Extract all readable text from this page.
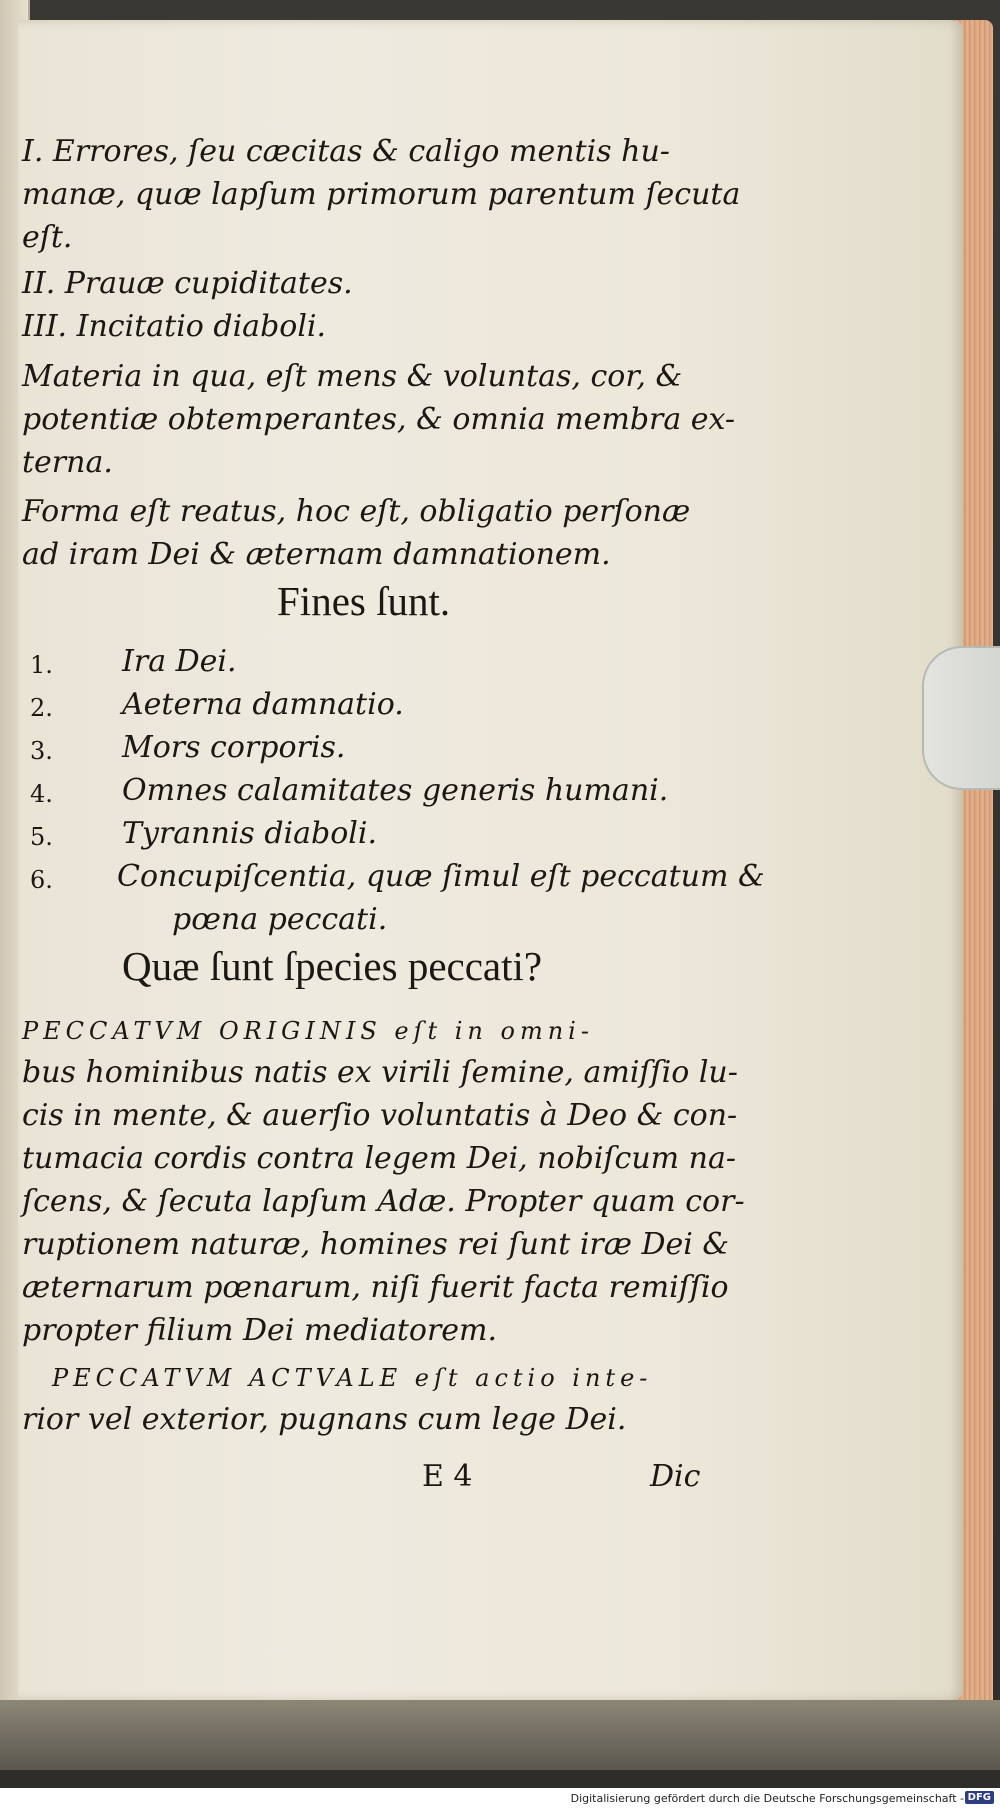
I. Errores, ſeu cæcitas & caligo mentis hu-
manæ, quæ lapſum primorum parentum ſecuta
eſt.
II. Prauæ cupiditates.
III. Incitatio diaboli.
Materia in qua, eſt mens & voluntas, cor, &
potentiæ obtemperantes, & omnia membra ex-
terna.
Forma eſt reatus, hoc eſt, obligatio perſonæ
ad iram Dei & æternam damnationem.
Fines ſunt.
1. Ira Dei.
2. Aeterna damnatio.
3. Mors corporis.
4. Omnes calamitates generis humani.
5. Tyrannis diaboli.
6. Concupiſcentia, quæ ſimul eſt peccatum &
pœna peccati.
Quæ ſunt ſpecies peccati?
PECCATVM ORIGINIS eſt in omni-
bus hominibus natis ex virili ſemine, amiſſio lu-
cis in mente, & auerſio voluntatis à Deo & con-
tumacia cordis contra legem Dei, nobiſcum na-
ſcens, & ſecuta lapſum Adæ. Propter quam cor-
ruptionem naturæ, homines rei ſunt iræ Dei &
æternarum pœnarum, niſi fuerit facta remiſſio
propter filium Dei mediatorem.
PECCATVM ACTVALE eſt actio inte-
rior vel exterior, pugnans cum lege Dei.
E 4	Dic
Digitalisierung gefördert durch die Deutsche Forschungsgemeinschaft - DFG
